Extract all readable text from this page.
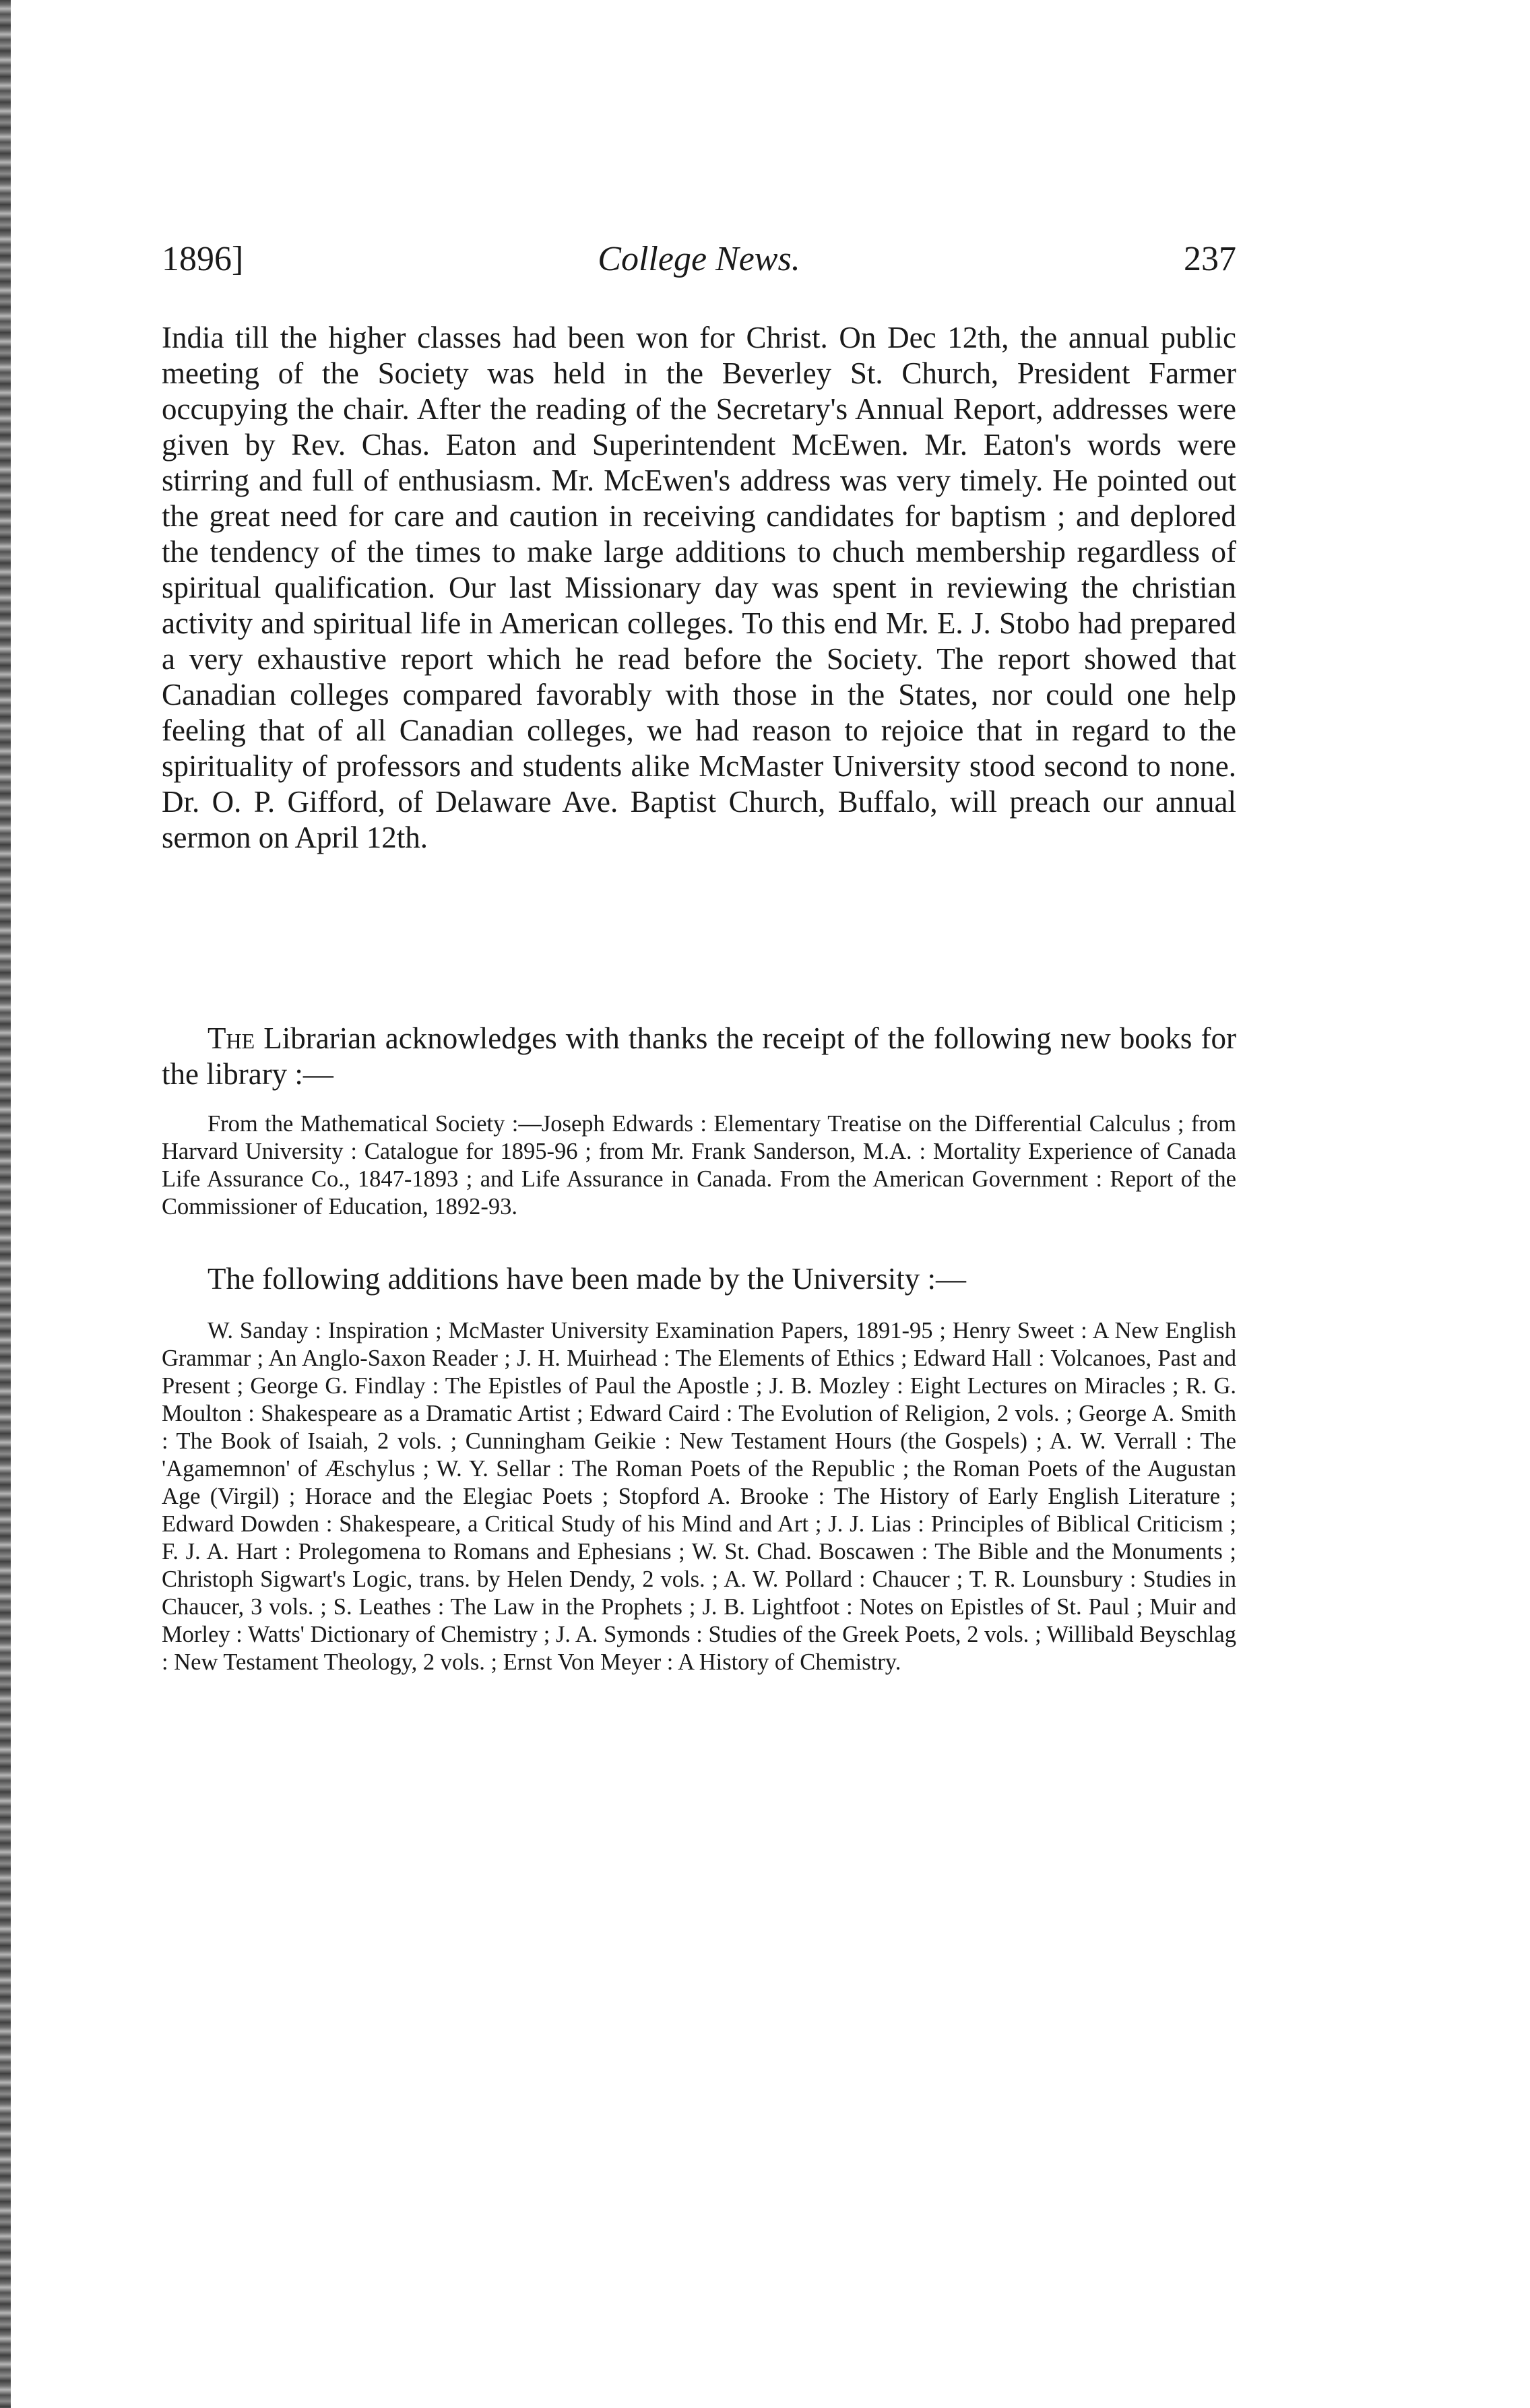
1896]	College News.	237

India till the higher classes had been won for Christ. On Dec 12th, the annual public meeting of the Society was held in the Beverley St. Church, President Farmer occupying the chair. After the reading of the Secretary's Annual Report, addresses were given by Rev. Chas. Eaton and Superintendent McEwen. Mr. Eaton's words were stirring and full of enthusiasm. Mr. McEwen's address was very timely. He pointed out the great need for care and caution in receiving candidates for baptism ; and deplored the tendency of the times to make large additions to chuch membership regardless of spiritual qualification. Our last Missionary day was spent in reviewing the christian activity and spiritual life in American colleges. To this end Mr. E. J. Stobo had prepared a very exhaustive report which he read before the Society. The report showed that Canadian colleges compared favorably with those in the States, nor could one help feeling that of all Canadian colleges, we had reason to rejoice that in regard to the spirituality of professors and students alike McMaster University stood second to none. Dr. O. P. Gifford, of Delaware Ave. Baptist Church, Buffalo, will preach our annual sermon on April 12th.

The Librarian acknowledges with thanks the receipt of the following new books for the library :—

From the Mathematical Society :—Joseph Edwards : Elementary Treatise on the Differential Calculus ; from Harvard University : Catalogue for 1895-96 ; from Mr. Frank Sanderson, M.A. : Mortality Experience of Canada Life Assurance Co., 1847-1893 ; and Life Assurance in Canada. From the American Government : Report of the Commissioner of Education, 1892-93.

The following additions have been made by the University :—

W. Sanday : Inspiration ; McMaster University Examination Papers, 1891-95 ; Henry Sweet : A New English Grammar ; An Anglo-Saxon Reader ; J. H. Muirhead : The Elements of Ethics ; Edward Hall : Volcanoes, Past and Present ; George G. Findlay : The Epistles of Paul the Apostle ; J. B. Mozley : Eight Lectures on Miracles ; R. G. Moulton : Shakespeare as a Dramatic Artist ; Edward Caird : The Evolution of Religion, 2 vols. ; George A. Smith : The Book of Isaiah, 2 vols. ; Cunningham Geikie : New Testament Hours (the Gospels) ; A. W. Verrall : The 'Agamemnon' of Æschylus ; W. Y. Sellar : The Roman Poets of the Republic ; the Roman Poets of the Augustan Age (Virgil) ; Horace and the Elegiac Poets ; Stopford A. Brooke : The History of Early English Literature ; Edward Dowden : Shakespeare, a Critical Study of his Mind and Art ; J. J. Lias : Principles of Biblical Criticism ; F. J. A. Hart : Prolegomena to Romans and Ephesians ; W. St. Chad. Boscawen : The Bible and the Monuments ; Christoph Sigwart's Logic, trans. by Helen Dendy, 2 vols. ; A. W. Pollard : Chaucer ; T. R. Lounsbury : Studies in Chaucer, 3 vols. ; S. Leathes : The Law in the Prophets ; J. B. Lightfoot : Notes on Epistles of St. Paul ; Muir and Morley : Watts' Dictionary of Chemistry ; J. A. Symonds : Studies of the Greek Poets, 2 vols. ; Willibald Beyschlag : New Testament Theology, 2 vols. ; Ernst Von Meyer : A History of Chemistry.
